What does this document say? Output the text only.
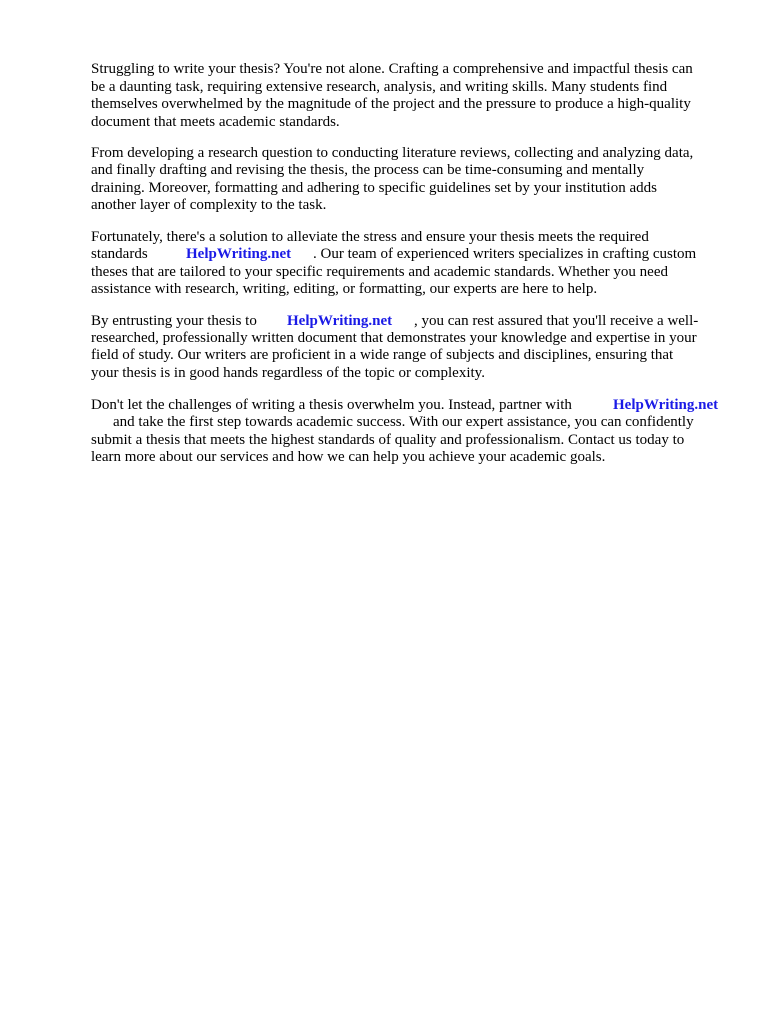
Struggling to write your thesis? You're not alone. Crafting a comprehensive and impactful thesis can
be a daunting task, requiring extensive research, analysis, and writing skills. Many students find
themselves overwhelmed by the magnitude of the project and the pressure to produce a high-quality
document that meets academic standards.
From developing a research question to conducting literature reviews, collecting and analyzing data,
and finally drafting and revising the thesis, the process can be time-consuming and mentally
draining. Moreover, formatting and adhering to specific guidelines set by your institution adds
another layer of complexity to the task.
Fortunately, there's a solution to alleviate the stress and ensure your thesis meets the required
standards	HelpWriting.net . Our team of experienced writers specializes in crafting custom
theses that are tailored to your specific requirements and academic standards. Whether you need
assistance with research, writing, editing, or formatting, our experts are here to help.
By entrusting your thesis to HelpWriting.net , you can rest assured that you'll receive a well-
researched, professionally written document that demonstrates your knowledge and expertise in your
field of study. Our writers are proficient in a wide range of subjects and disciplines, ensuring that
your thesis is in good hands regardless of the topic or complexity.
Don't let the challenges of writing a thesis overwhelm you. Instead, partner with	HelpWriting.net
and take the first step towards academic success. With our expert assistance, you can confidently
submit a thesis that meets the highest standards of quality and professionalism. Contact us today to
learn more about our services and how we can help you achieve your academic goals.
